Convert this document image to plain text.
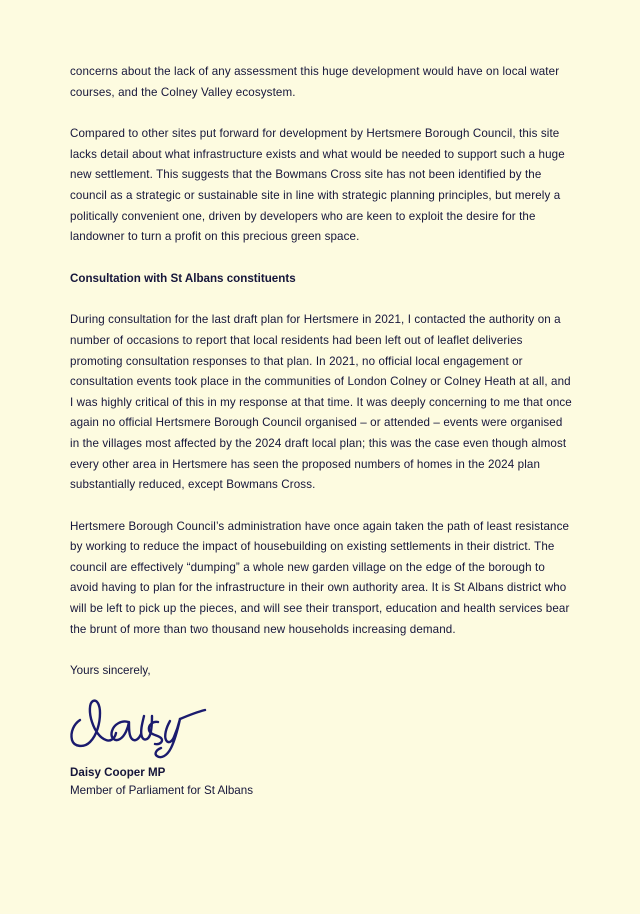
concerns about the lack of any assessment this huge development would have on local water courses, and the Colney Valley ecosystem.

Compared to other sites put forward for development by Hertsmere Borough Council, this site lacks detail about what infrastructure exists and what would be needed to support such a huge new settlement. This suggests that the Bowmans Cross site has not been identified by the council as a strategic or sustainable site in line with strategic planning principles, but merely a politically convenient one, driven by developers who are keen to exploit the desire for the landowner to turn a profit on this precious green space.

Consultation with St Albans constituents

During consultation for the last draft plan for Hertsmere in 2021, I contacted the authority on a number of occasions to report that local residents had been left out of leaflet deliveries promoting consultation responses to that plan. In 2021, no official local engagement or consultation events took place in the communities of London Colney or Colney Heath at all, and I was highly critical of this in my response at that time. It was deeply concerning to me that once again no official Hertsmere Borough Council organised – or attended – events were organised in the villages most affected by the 2024 draft local plan; this was the case even though almost every other area in Hertsmere has seen the proposed numbers of homes in the 2024 plan substantially reduced, except Bowmans Cross.

Hertsmere Borough Council’s administration have once again taken the path of least resistance by working to reduce the impact of housebuilding on existing settlements in their district. The council are effectively “dumping” a whole new garden village on the edge of the borough to avoid having to plan for the infrastructure in their own authority area. It is St Albans district who will be left to pick up the pieces, and will see their transport, education and health services bear the brunt of more than two thousand new households increasing demand.

Yours sincerely,

Daisy Cooper MP

Member of Parliament for St Albans
